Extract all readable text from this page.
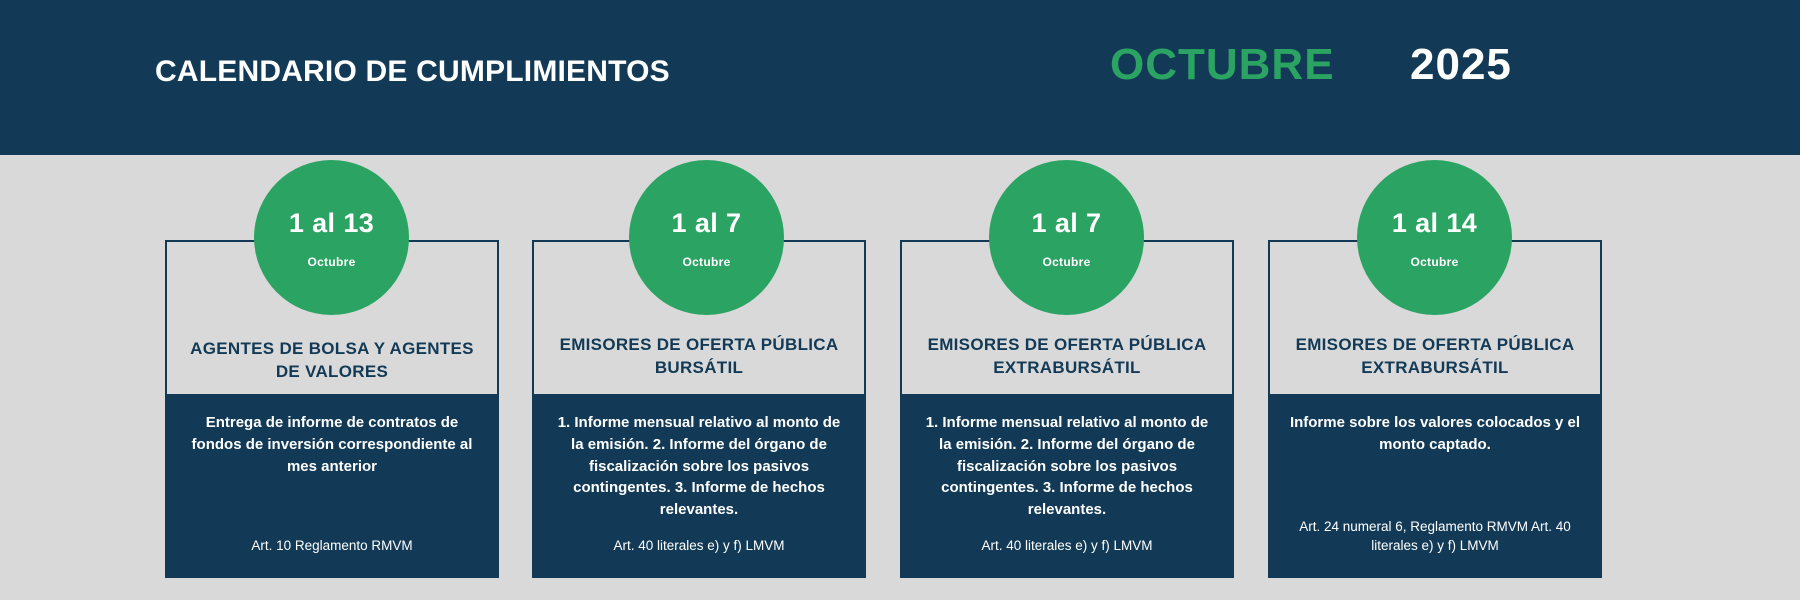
CALENDARIO DE CUMPLIMIENTOS	OCTUBRE 2025
AGENTES DE BOLSA Y AGENTES DE VALORES
Entrega de informe de contratos de fondos de inversión correspondiente al mes anterior
Art. 10 Reglamento RMVM
EMISORES DE OFERTA PÚBLICA BURSÁTIL
1. Informe mensual relativo al monto de la emisión. 2. Informe del órgano de fiscalización sobre los pasivos contingentes. 3. Informe de hechos relevantes.
Art. 40 literales e) y f) LMVM
EMISORES DE OFERTA PÚBLICA EXTRABURSÁTIL
1. Informe mensual relativo al monto de la emisión. 2. Informe del órgano de fiscalización sobre los pasivos contingentes. 3. Informe de hechos relevantes.
Art. 40 literales e) y f) LMVM
EMISORES DE OFERTA PÚBLICA EXTRABURSÁTIL
Informe sobre los valores colocados y el monto captado.
Art. 24 numeral 6, Reglamento RMVM Art. 40 literales e) y f) LMVM
1 al 13
Octubre
1 al 7
Octubre
1 al 7
Octubre
1 al 14
Octubre
